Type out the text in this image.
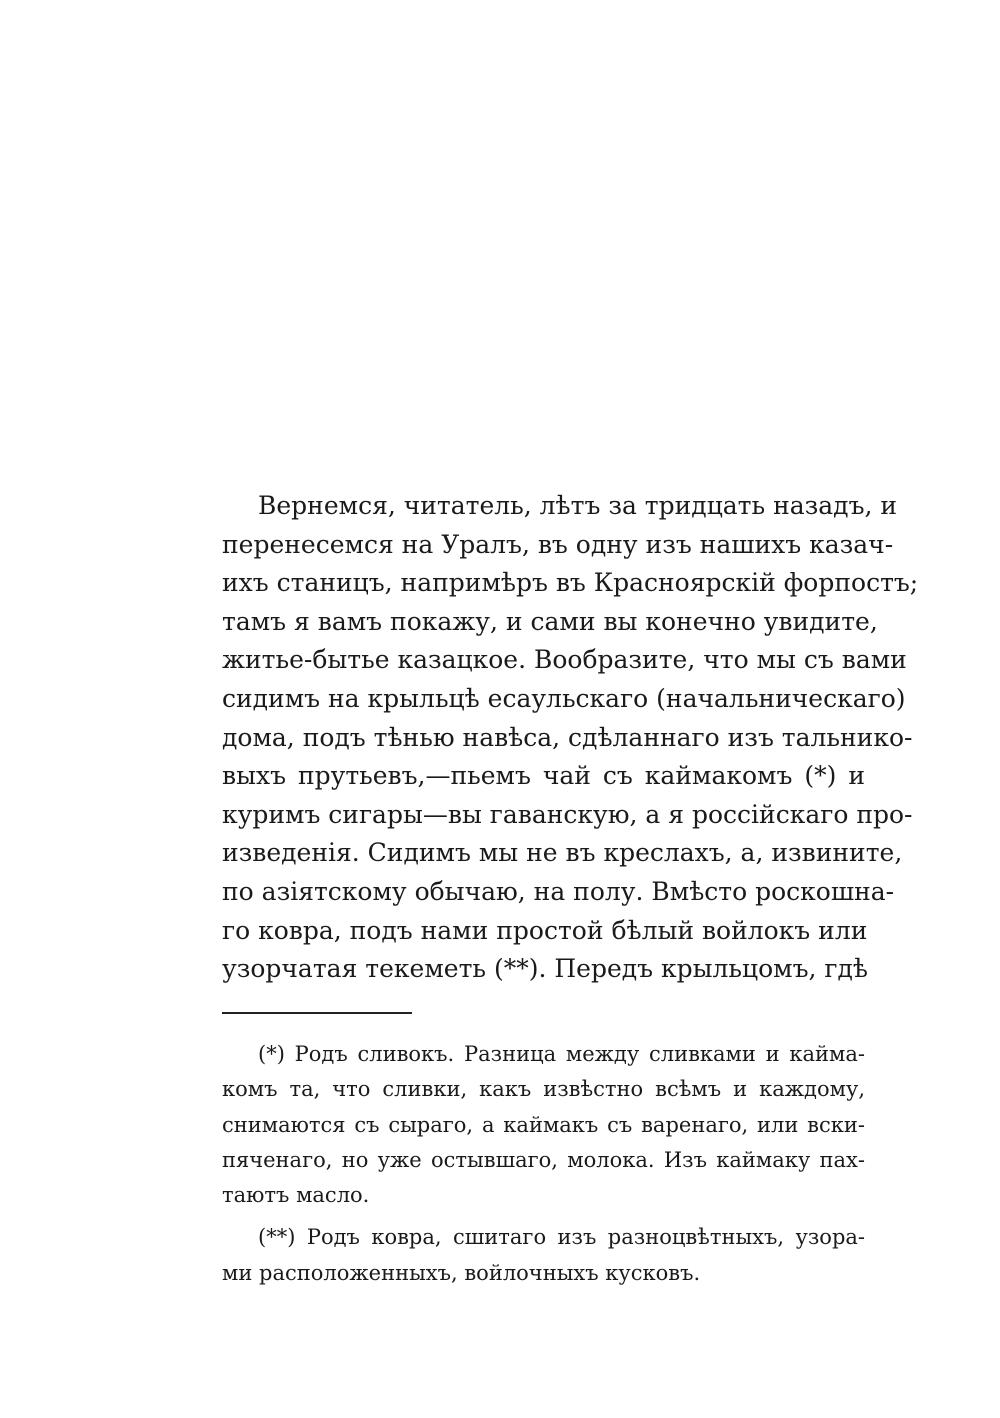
Вернемся, читатель, лѣтъ за тридцать назадъ, и
перенесемся на Уралъ, въ одну изъ нашихъ казач-
ихъ станицъ, напримѣръ въ Красноярскій форпостъ;
тамъ я вамъ покажу, и сами вы конечно увидите,
житье-бытье казацкое. Вообразите, что мы съ вами
сидимъ на крыльцѣ есаульскаго (начальническаго)
дома, подъ тѣнью навѣса, сдѣланнаго изъ тальнико-
выхъ прутьевъ,—пьемъ чай съ каймакомъ (*) и
куримъ сигары—вы гаванскую, а я россійскаго про-
изведенія. Сидимъ мы не въ креслахъ, а, извините,
по азіятскому обычаю, на полу. Вмѣсто роскошна-
го ковра, подъ нами простой бѣлый войлокъ или
узорчатая текеметь (**). Передъ крыльцомъ, гдѣ
(*) Родъ сливокъ. Разница между сливками и кайма-
комъ та, что сливки, какъ извѣстно всѣмъ и каждому,
снимаются съ сыраго, а каймакъ съ варенаго, или вски-
пяченаго, но уже остывшаго, молока. Изъ каймаку пах-
таютъ масло.
(**) Родъ ковра, сшитаго изъ разноцвѣтныхъ, узора-
ми расположенныхъ, войлочныхъ кусковъ.
